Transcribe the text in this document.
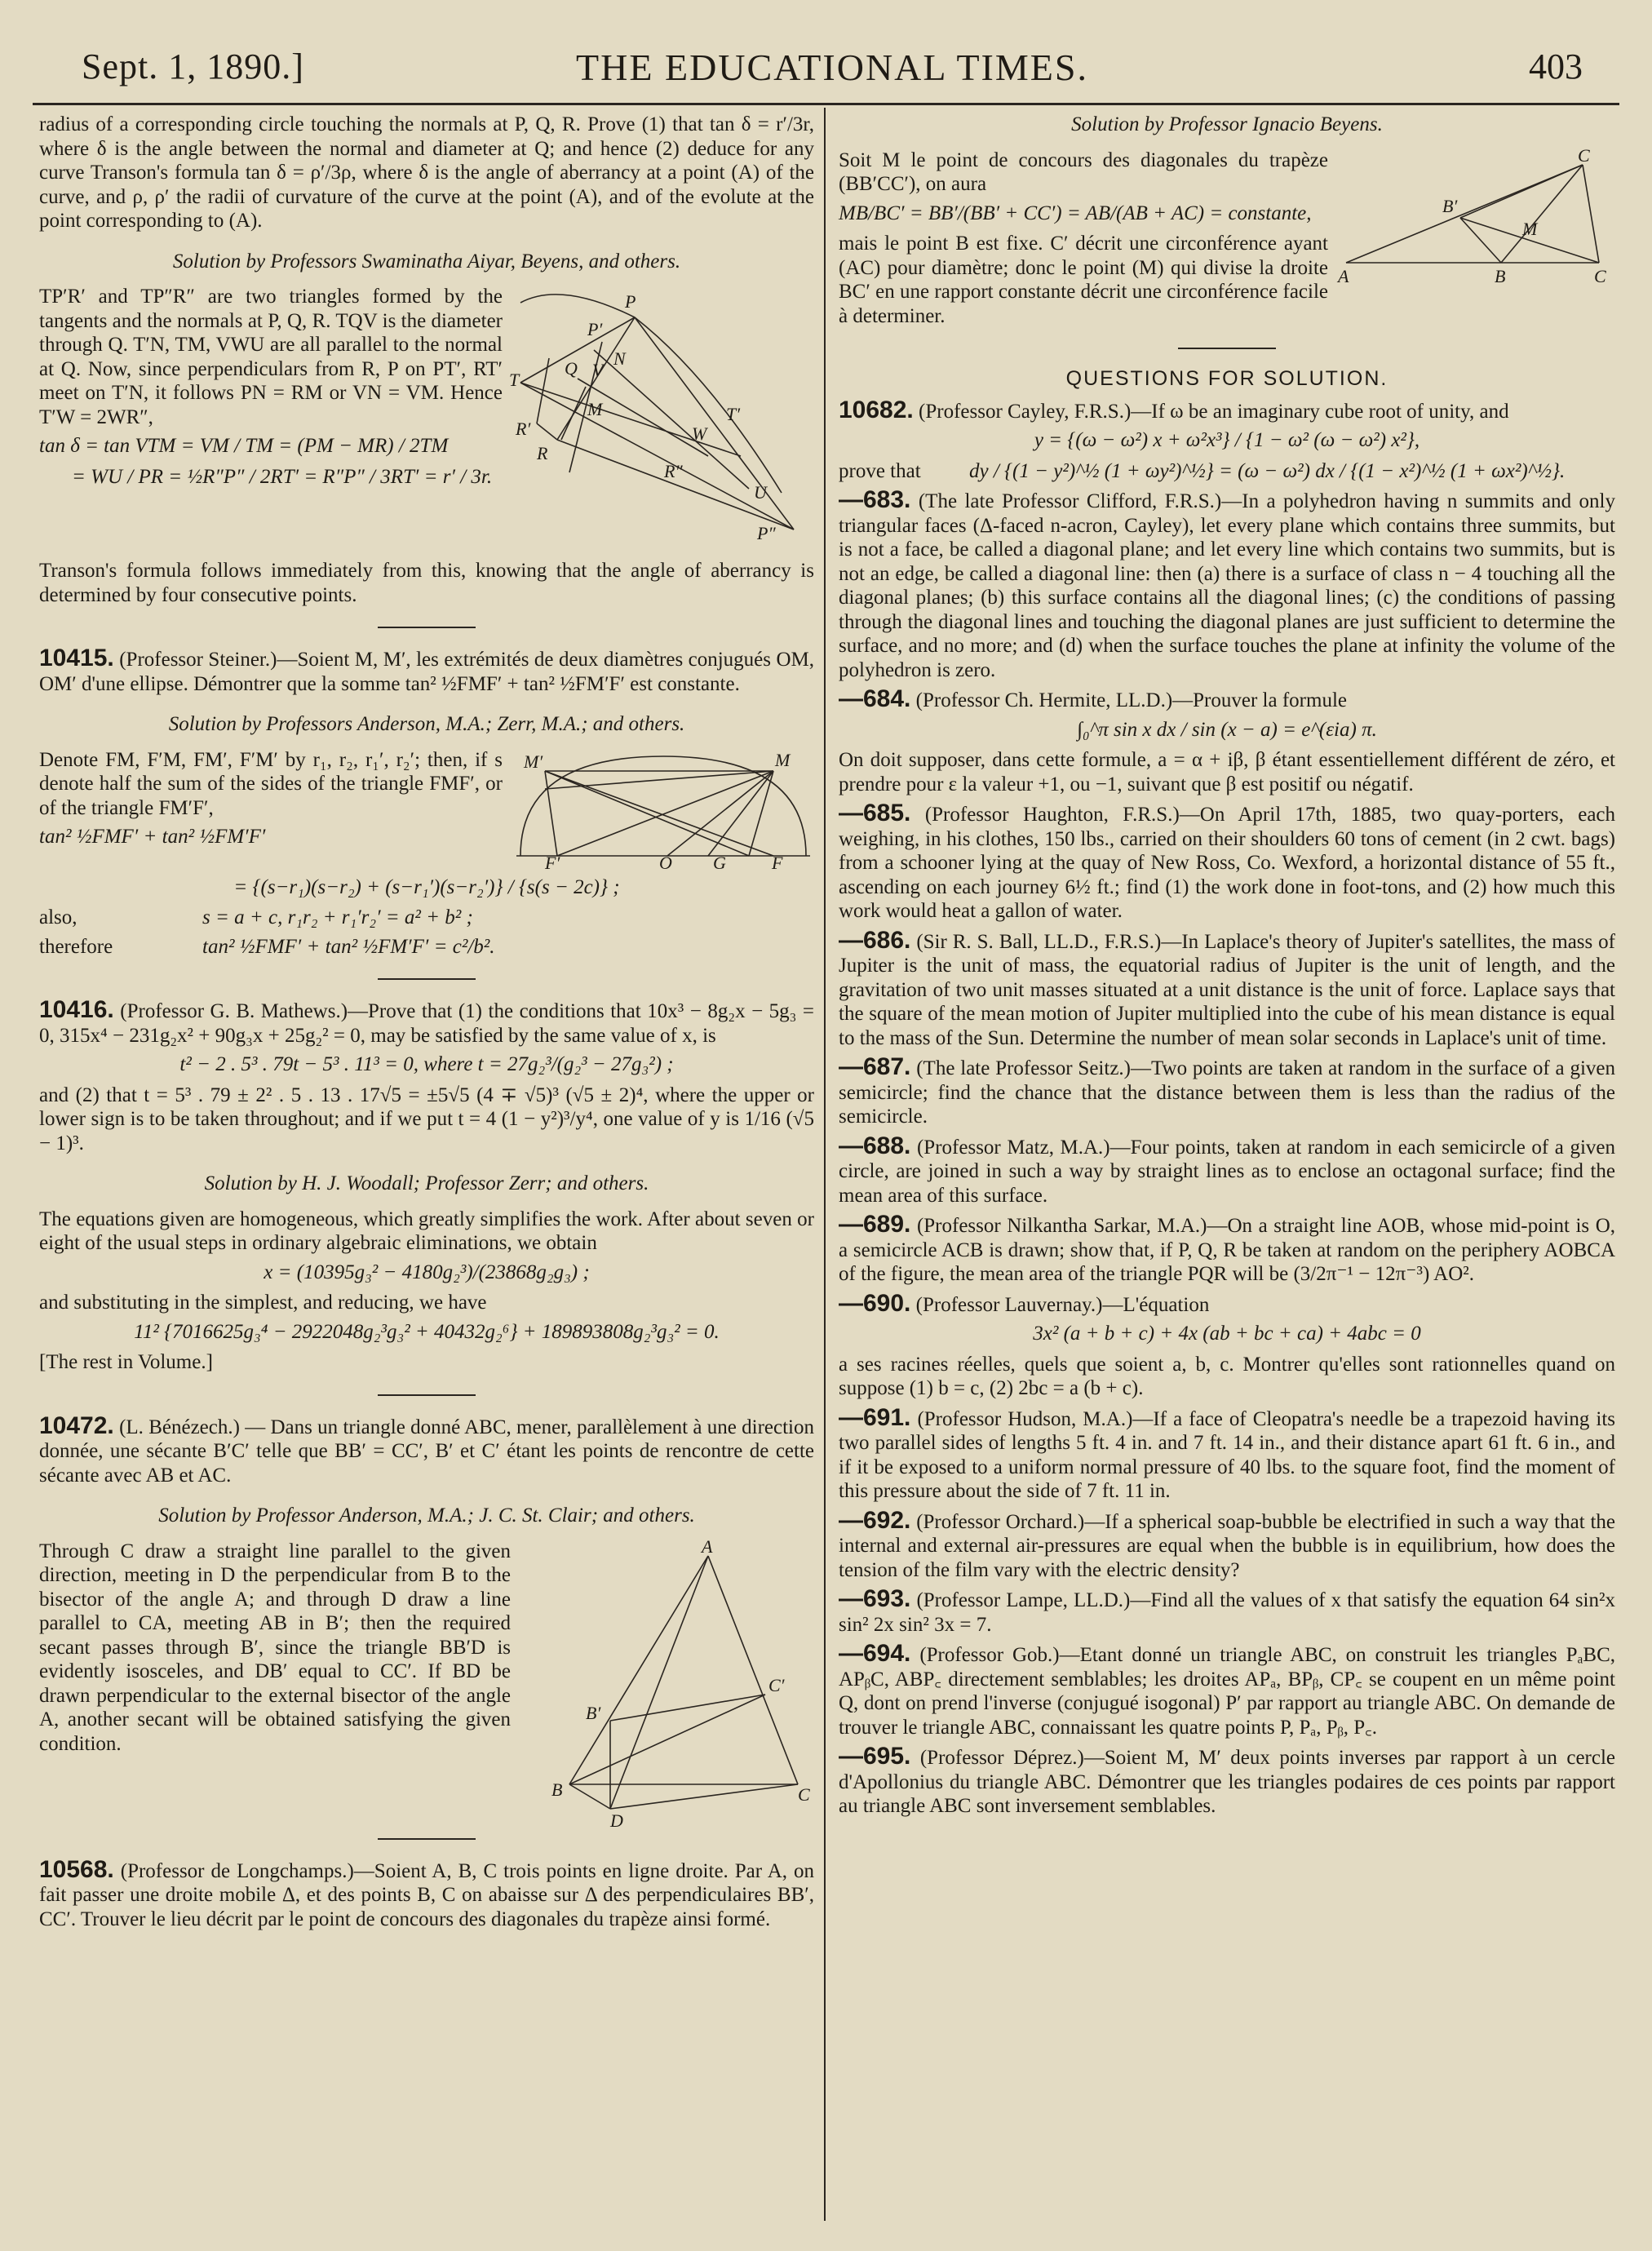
Sept. 1, 1890.]	THE EDUCATIONAL TIMES.	403

radius of a corresponding circle touching the normals at P, Q, R. Prove (1) that tan δ = r′/3r, where δ is the angle between the normal and diameter at Q; and hence (2) deduce for any curve Transon's formula tan δ = ρ′/3ρ, where δ is the angle of aberrancy at a point (A) of the curve, and ρ, ρ′ the radii of curvature of the curve at the point (A), and of the evolute at the point corresponding to (A).

Solution by Professors Swaminatha Aiyar, Beyens, and others.

P
P′
T
Q V
N
M
R′
R
W
T′
R″
U
P″

TP′R′ and TP″R″ are two triangles formed by the tangents and the normals at P, Q, R. TQV is the diameter through Q. T′N, TM, VWU are all parallel to the normal at Q. Now, since perpendiculars from R, P on PT′, RT′ meet on T′N, it follows PN = RM or VN = VM. Hence T′W = 2WR″,

tan δ = tan VTM = VM / TM = (PM − MR) / 2TM

= WU / PR = ½R″P″ / 2RT′ = R″P″ / 3RT′ = r′ / 3r.

Transon's formula follows immediately from this, knowing that the angle of aberrancy is determined by four consecutive points.

10415. (Professor Steiner.)—Soient M, M′, les extrémités de deux diamètres conjugués OM, OM′ d'une ellipse. Démontrer que la somme tan² ½FMF′ + tan² ½FM′F′ est constante.

Solution by Professors Anderson, M.A.; Zerr, M.A.; and others.

M′	M
F′	O G	F

Denote FM, F′M, FM′, F′M′ by r₁, r₂, r₁′, r₂′; then, if s denote half the sum of the sides of the triangle FMF′, or of the triangle FM′F′,

tan² ½FMF′ + tan² ½FM′F′

= {(s−r₁)(s−r₂) + (s−r₁′)(s−r₂′)} / {s(s − 2c)} ;

also,	s = a + c, r₁r₂ + r₁′r₂′ = a² + b² ;

therefore	tan² ½FMF′ + tan² ½FM′F′ = c²/b².

10416. (Professor G. B. Mathews.)—Prove that (1) the conditions that 10x³ − 8g₂x − 5g₃ = 0, 315x⁴ − 231g₂x² + 90g₃x + 25g₂² = 0, may be satisfied by the same value of x, is

t² − 2 . 5³ . 79t − 5³ . 11³ = 0, where t = 27g₂³/(g₂³ − 27g₃²) ;

and (2) that t = 5³ . 79 ± 2² . 5 . 13 . 17√5 = ±5√5 (4 ∓ √5)³ (√5 ± 2)⁴, where the upper or lower sign is to be taken throughout; and if we put t = 4 (1 − y²)³/y⁴, one value of y is 1/16 (√5 − 1)³.

Solution by H. J. Woodall; Professor Zerr; and others.

The equations given are homogeneous, which greatly simplifies the work. After about seven or eight of the usual steps in ordinary algebraic eliminations, we obtain

x = (10395g₃² − 4180g₂³)/(23868g₂g₃) ;

and substituting in the simplest, and reducing, we have

11² {7016625g₃⁴ − 2922048g₂³g₃² + 40432g₂⁶} + 189893808g₂³g₃² = 0.

[The rest in Volume.]

10472. (L. Bénézech.) — Dans un triangle donné ABC, mener, parallèlement à une direction donnée, une sécante B′C′ telle que BB′ = CC′, B′ et C′ étant les points de rencontre de cette sécante avec AB et AC.

Solution by Professor Anderson, M.A.; J. C. St. Clair; and others.

A
C′
B′
B	C
D

Through C draw a straight line parallel to the given direction, meeting in D the perpendicular from B to the bisector of the angle A; and through D draw a line parallel to CA, meeting AB in B′; then the required secant passes through B′, since the triangle BB′D is evidently isosceles, and DB′ equal to CC′. If BD be drawn perpendicular to the external bisector of the angle A, another secant will be obtained satisfying the given condition.

10568. (Professor de Longchamps.)—Soient A, B, C trois points en ligne droite. Par A, on fait passer une droite mobile Δ, et des points B, C on abaisse sur Δ des perpendiculaires BB′, CC′. Trouver le lieu décrit par le point de concours des diagonales du trapèze ainsi formé.

Solution by Professor Ignacio Beyens.

C
B′
M
A	B	C

Soit M le point de concours des diagonales du trapèze (BB′CC′), on aura

MB/BC′ = BB′/(BB′ + CC′) = AB/(AB + AC) = constante,

mais le point B est fixe. C′ décrit une circonférence ayant (AC) pour diamètre; donc le point (M) qui divise la droite BC′ en une rapport constante décrit une circonférence facile à determiner.

QUESTIONS FOR SOLUTION.

10682. (Professor Cayley, F.R.S.)—If ω be an imaginary cube root of unity, and

y = {(ω − ω²) x + ω²x³} / {1 − ω² (ω − ω²) x²},

prove that	dy / {(1 − y²)^½ (1 + ωy²)^½} = (ω − ω²) dx / {(1 − x²)^½ (1 + ωx²)^½}.

—683. (The late Professor Clifford, F.R.S.)—In a polyhedron having n summits and only triangular faces (Δ-faced n-acron, Cayley), let every plane which contains three summits, but is not a face, be called a diagonal plane; and let every line which contains two summits, but is not an edge, be called a diagonal line: then (a) there is a surface of class n − 4 touching all the diagonal planes; (b) this surface contains all the diagonal lines; (c) the conditions of passing through the diagonal lines and touching the diagonal planes are just sufficient to determine the surface, and no more; and (d) when the surface touches the plane at infinity the volume of the polyhedron is zero.

—684. (Professor Ch. Hermite, LL.D.)—Prouver la formule

∫₀^π sin x dx / sin (x − a) = e^(εia) π.

On doit supposer, dans cette formule, a = α + iβ, β étant essentiellement différent de zéro, et prendre pour ε la valeur +1, ou −1, suivant que β est positif ou négatif.

—685. (Professor Haughton, F.R.S.)—On April 17th, 1885, two quay-porters, each weighing, in his clothes, 150 lbs., carried on their shoulders 60 tons of cement (in 2 cwt. bags) from a schooner lying at the quay of New Ross, Co. Wexford, a horizontal distance of 55 ft., ascending on each journey 6½ ft.; find (1) the work done in foot-tons, and (2) how much this work would heat a gallon of water.

—686. (Sir R. S. Ball, LL.D., F.R.S.)—In Laplace's theory of Jupiter's satellites, the mass of Jupiter is the unit of mass, the equatorial radius of Jupiter is the unit of length, and the gravitation of two unit masses situated at a unit distance is the unit of force. Laplace says that the square of the mean motion of Jupiter multiplied into the cube of his mean distance is equal to the mass of the Sun. Determine the number of mean solar seconds in Laplace's unit of time.

—687. (The late Professor Seitz.)—Two points are taken at random in the surface of a given semicircle; find the chance that the distance between them is less than the radius of the semicircle.

—688. (Professor Matz, M.A.)—Four points, taken at random in each semicircle of a given circle, are joined in such a way by straight lines as to enclose an octagonal surface; find the mean area of this surface.

—689. (Professor Nilkantha Sarkar, M.A.)—On a straight line AOB, whose mid-point is O, a semicircle ACB is drawn; show that, if P, Q, R be taken at random on the periphery AOBCA of the figure, the mean area of the triangle PQR will be (3/2π⁻¹ − 12π⁻³) AO².

—690. (Professor Lauvernay.)—L'équation

3x² (a + b + c) + 4x (ab + bc + ca) + 4abc = 0

a ses racines réelles, quels que soient a, b, c. Montrer qu'elles sont rationnelles quand on suppose (1) b = c, (2) 2bc = a (b + c).

—691. (Professor Hudson, M.A.)—If a face of Cleopatra's needle be a trapezoid having its two parallel sides of lengths 5 ft. 4 in. and 7 ft. 14 in., and their distance apart 61 ft. 6 in., and if it be exposed to a uniform normal pressure of 40 lbs. to the square foot, find the moment of this pressure about the side of 7 ft. 11 in.

—692. (Professor Orchard.)—If a spherical soap-bubble be electrified in such a way that the internal and external air-pressures are equal when the bubble is in equilibrium, how does the tension of the film vary with the electric density?

—693. (Professor Lampe, LL.D.)—Find all the values of x that satisfy the equation 64 sin²x sin² 2x sin² 3x = 7.

—694. (Professor Gob.)—Etant donné un triangle ABC, on construit les triangles PₐBC, APᵦC, ABP꜀ directement semblables; les droites APₐ, BPᵦ, CP꜀ se coupent en un même point Q, dont on prend l'inverse (conjugué isogonal) P′ par rapport au triangle ABC. On demande de trouver le triangle ABC, connaissant les quatre points P, Pₐ, Pᵦ, P꜀.

—695. (Professor Déprez.)—Soient M, M′ deux points inverses par rapport à un cercle d'Apollonius du triangle ABC. Démontrer que les triangles podaires de ces points par rapport au triangle ABC sont inversement semblables.
